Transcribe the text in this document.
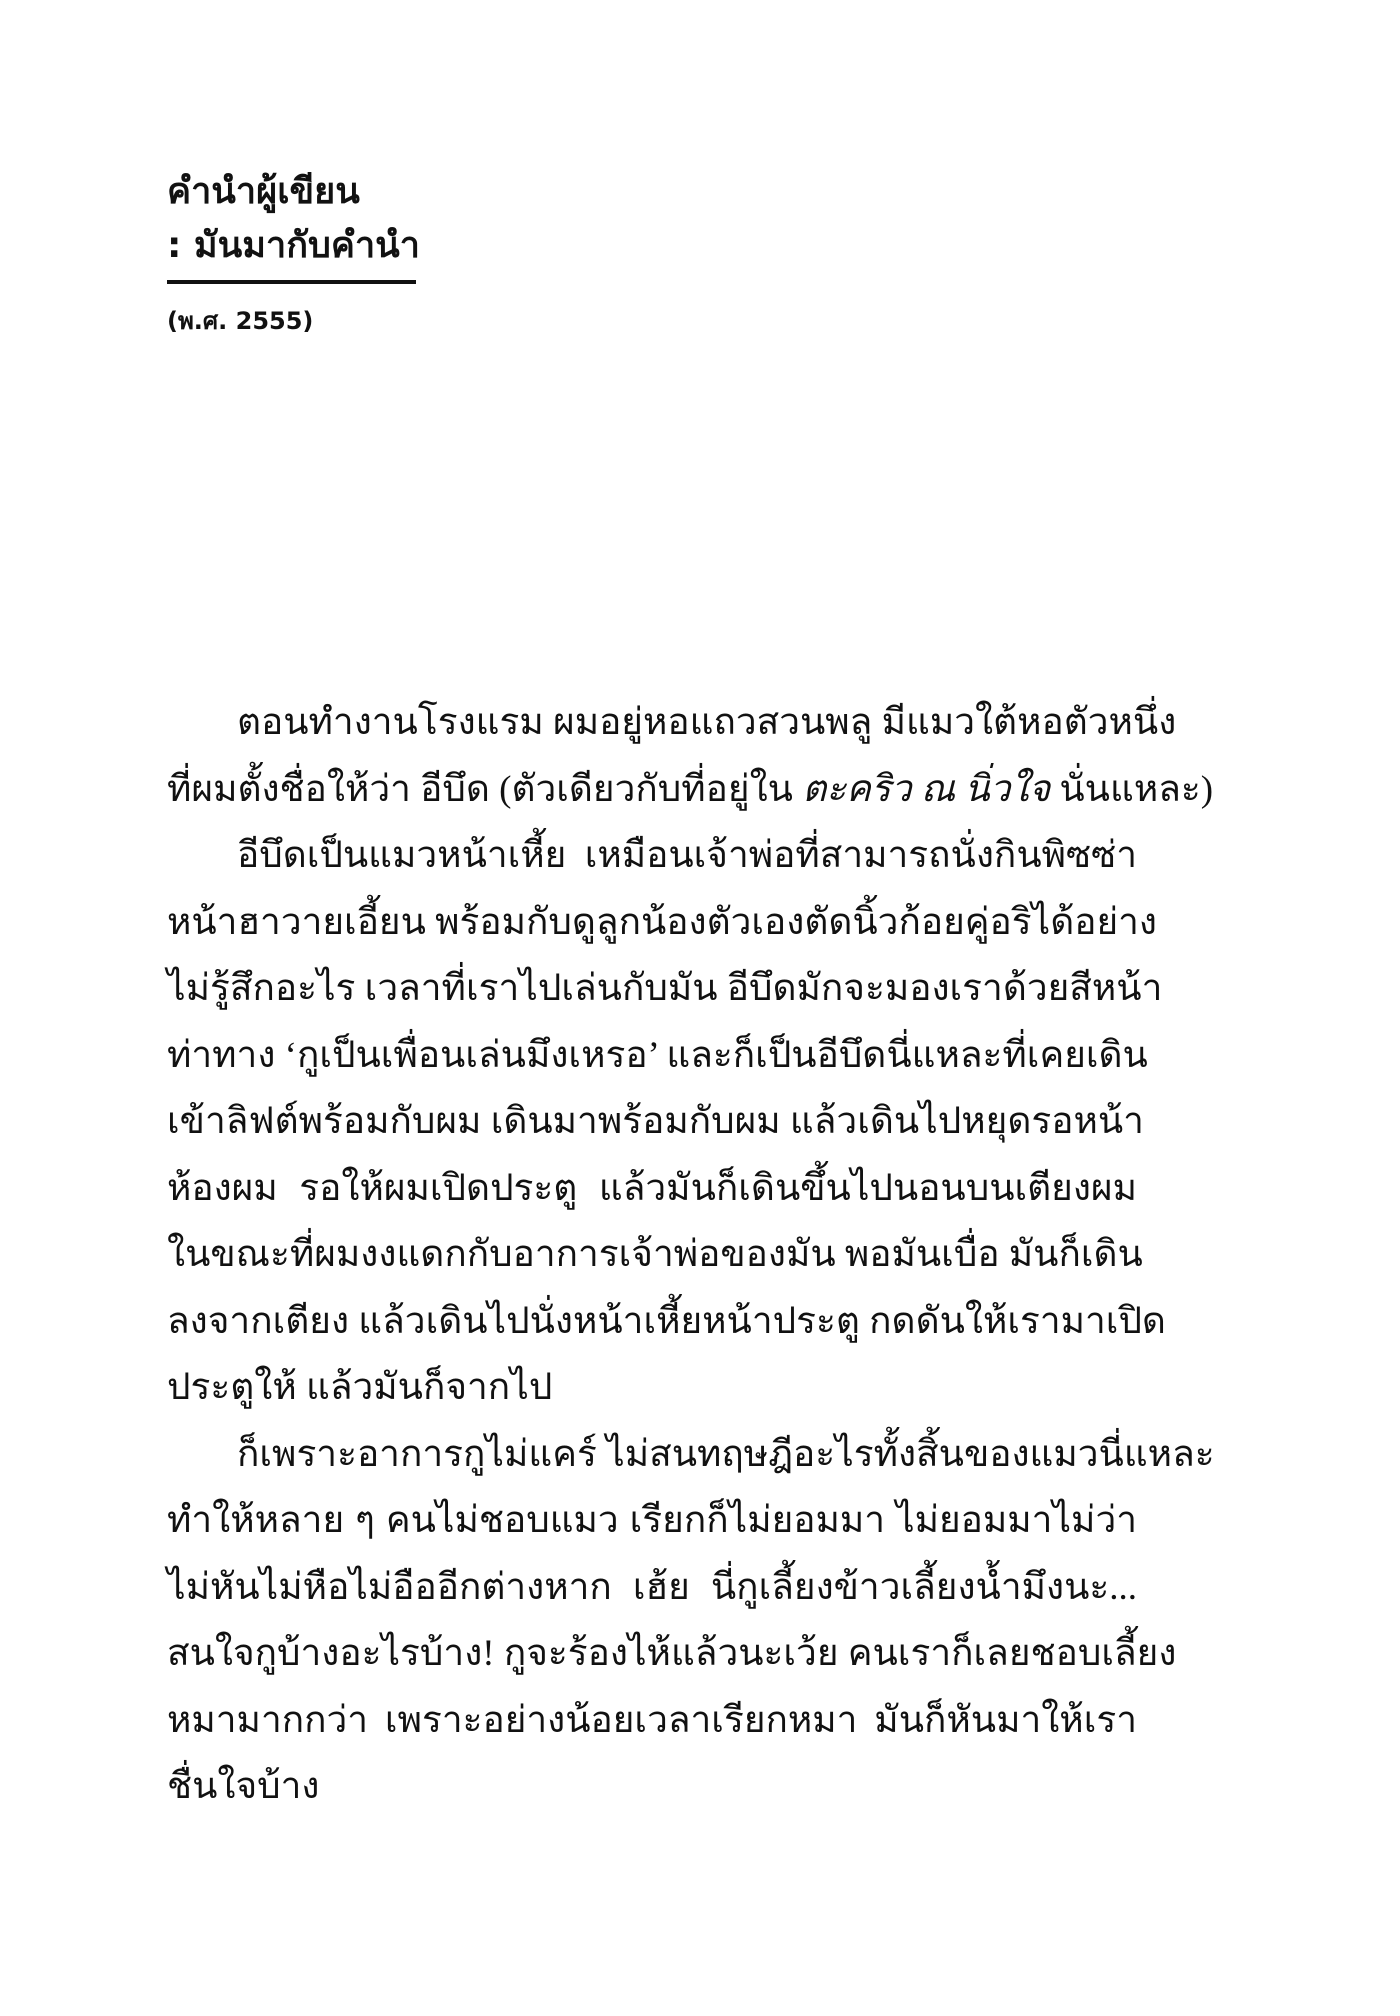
คำนำผู้เขียน
: มันมากับคำนำ
(พ.ศ. 2555)
ตอนทำงานโรงแรม ผมอยู่หอแถวสวนพลู มีแมวใต้หอตัวหนึ่ง
ที่ผมตั้งชื่อให้ว่า อีบึด (ตัวเดียวกับที่อยู่ใน ตะคริว ณ นิ่วใจ นั่นแหละ)
อีบึดเป็นแมวหน้าเหี้ย เหมือนเจ้าพ่อที่สามารถนั่งกินพิซซ่า
หน้าฮาวายเอี้ยน พร้อมกับดูลูกน้องตัวเองตัดนิ้วก้อยคู่อริได้อย่าง
ไม่รู้สึกอะไร เวลาที่เราไปเล่นกับมัน อีบึดมักจะมองเราด้วยสีหน้า
ท่าทาง ‘กูเป็นเพื่อนเล่นมึงเหรอ’ และก็เป็นอีบึดนี่แหละที่เคยเดิน
เข้าลิฟต์พร้อมกับผม เดินมาพร้อมกับผม แล้วเดินไปหยุดรอหน้า
ห้องผม รอให้ผมเปิดประตู แล้วมันก็เดินขึ้นไปนอนบนเตียงผม
ในขณะที่ผมงงแดกกับอาการเจ้าพ่อของมัน พอมันเบื่อ มันก็เดิน
ลงจากเตียง แล้วเดินไปนั่งหน้าเหี้ยหน้าประตู กดดันให้เรามาเปิด
ประตูให้ แล้วมันก็จากไป
ก็เพราะอาการกูไม่แคร์ ไม่สนทฤษฎีอะไรทั้งสิ้นของแมวนี่แหละ
ทำให้หลาย ๆ คนไม่ชอบแมว เรียกก็ไม่ยอมมา ไม่ยอมมาไม่ว่า
ไม่หันไม่หือไม่อืออีกต่างหาก เฮ้ย นี่กูเลี้ยงข้าวเลี้ยงน้ำมึงนะ...
สนใจกูบ้างอะไรบ้าง! กูจะร้องไห้แล้วนะเว้ย คนเราก็เลยชอบเลี้ยง
หมามากกว่า เพราะอย่างน้อยเวลาเรียกหมา มันก็หันมาให้เรา
ชื่นใจบ้าง
